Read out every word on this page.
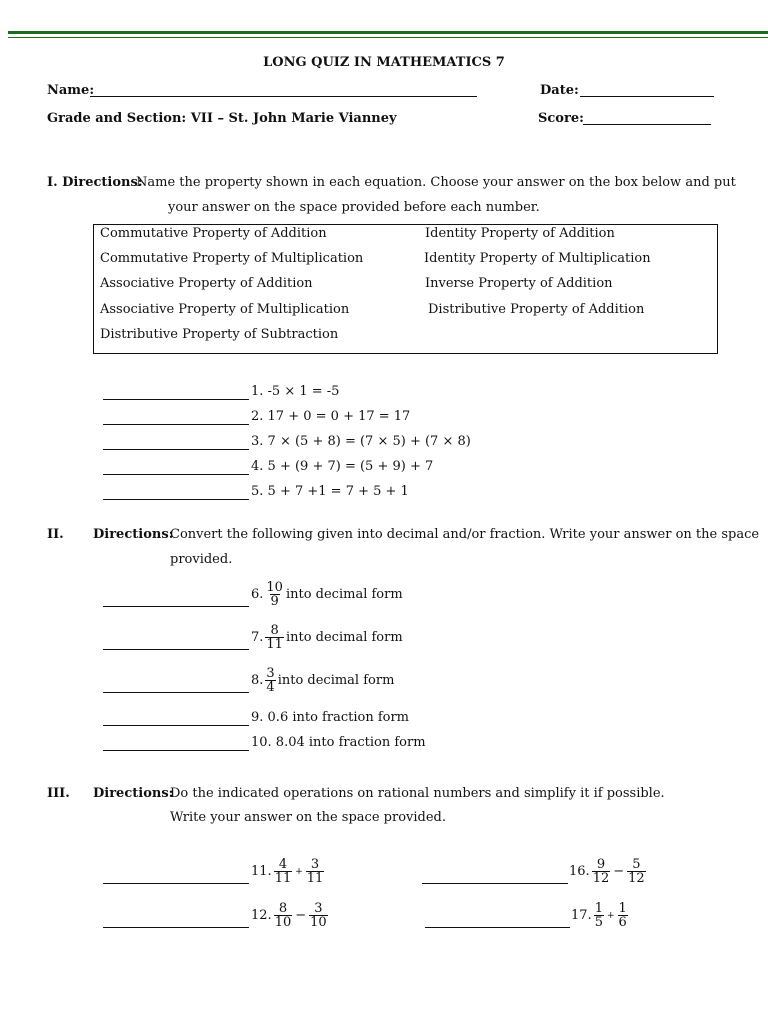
LONG QUIZ IN MATHEMATICS 7
Name:	Date:
Grade and Section: VII – St. John Marie Vianney	Score:
I. Directions:
Name the property shown in each equation. Choose your answer on the box below and put
your answer on the space provided before each number.
Commutative Property of Addition
Commutative Property of Multiplication
Associative Property of Addition
Associative Property of Multiplication
Distributive Property of Subtraction
Identity Property of Addition
Identity Property of Multiplication
Inverse Property of Addition
Distributive Property of Addition
1. -5 × 1 = -5
2. 17 + 0 = 0 + 17 = 17
3. 7 × (5 + 8) = (7 × 5) + (7 × 8)
4. 5 + (9 + 7) = (5 + 9) + 7
5. 5 + 7 +1 = 7 + 5 + 1
II. Directions:
Convert the following given into decimal and/or fraction. Write your answer on the space
provided.
6. $\frac{10}{9}$ into decimal form
7. $\frac{8}{11}$ into decimal form
8. $\frac{3}{4}$ into decimal form
9. 0.6 into fraction form
10. 8.04 into fraction form
III. Directions:
Do the indicated operations on rational numbers and simplify it if possible.
Write your answer on the space provided.
11. $\frac{4}{11} + \frac{3}{11}$	16. $\frac{9}{12} - \frac{5}{12}$
12. $\frac{8}{10} - \frac{3}{10}$	17. $\frac{1}{5} + \frac{1}{6}$
